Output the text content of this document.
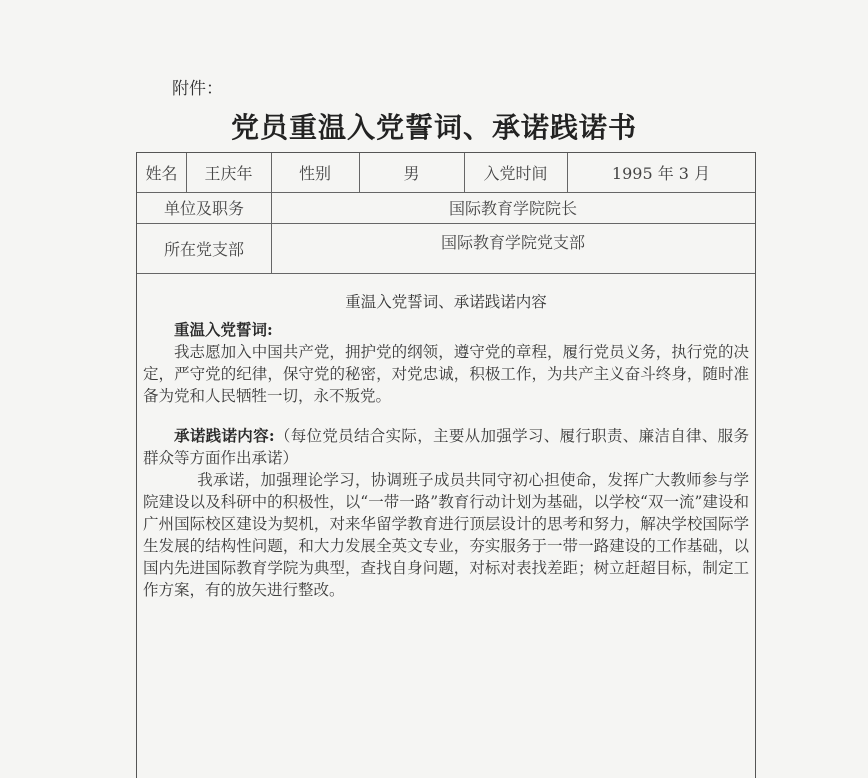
附件：
党员重温入党誓词、承诺践诺书
姓名	王庆年	性别	男	入党时间	1995 年 3 月
单位及职务	国际教育学院院长
所在党支部	国际教育学院党支部
重温入党誓词、承诺践诺内容

重温入党誓词:

我志愿加入中国共产党，拥护党的纲领，遵守党的章程，履行党员义务，执行党的决定，严守党的纪律，保守党的秘密，对党忠诚，积极工作，为共产主义奋斗终身，随时准备为党和人民牺牲一切，永不叛党。

承诺践诺内容:（每位党员结合实际，主要从加强学习、履行职责、廉洁自律、服务群众等方面作出承诺）

我承诺，加强理论学习，协调班子成员共同守初心担使命，发挥广大教师参与学院建设以及科研中的积极性，以“一带一路”教育行动计划为基础，以学校“双一流”建设和广州国际校区建设为契机，对来华留学教育进行顶层设计的思考和努力，解决学校国际学生发展的结构性问题，和大力发展全英文专业，夯实服务于一带一路建设的工作基础，以国内先进国际教育学院为典型，查找自身问题，对标对表找差距；树立赶超目标，制定工作方案，有的放矢进行整改。
